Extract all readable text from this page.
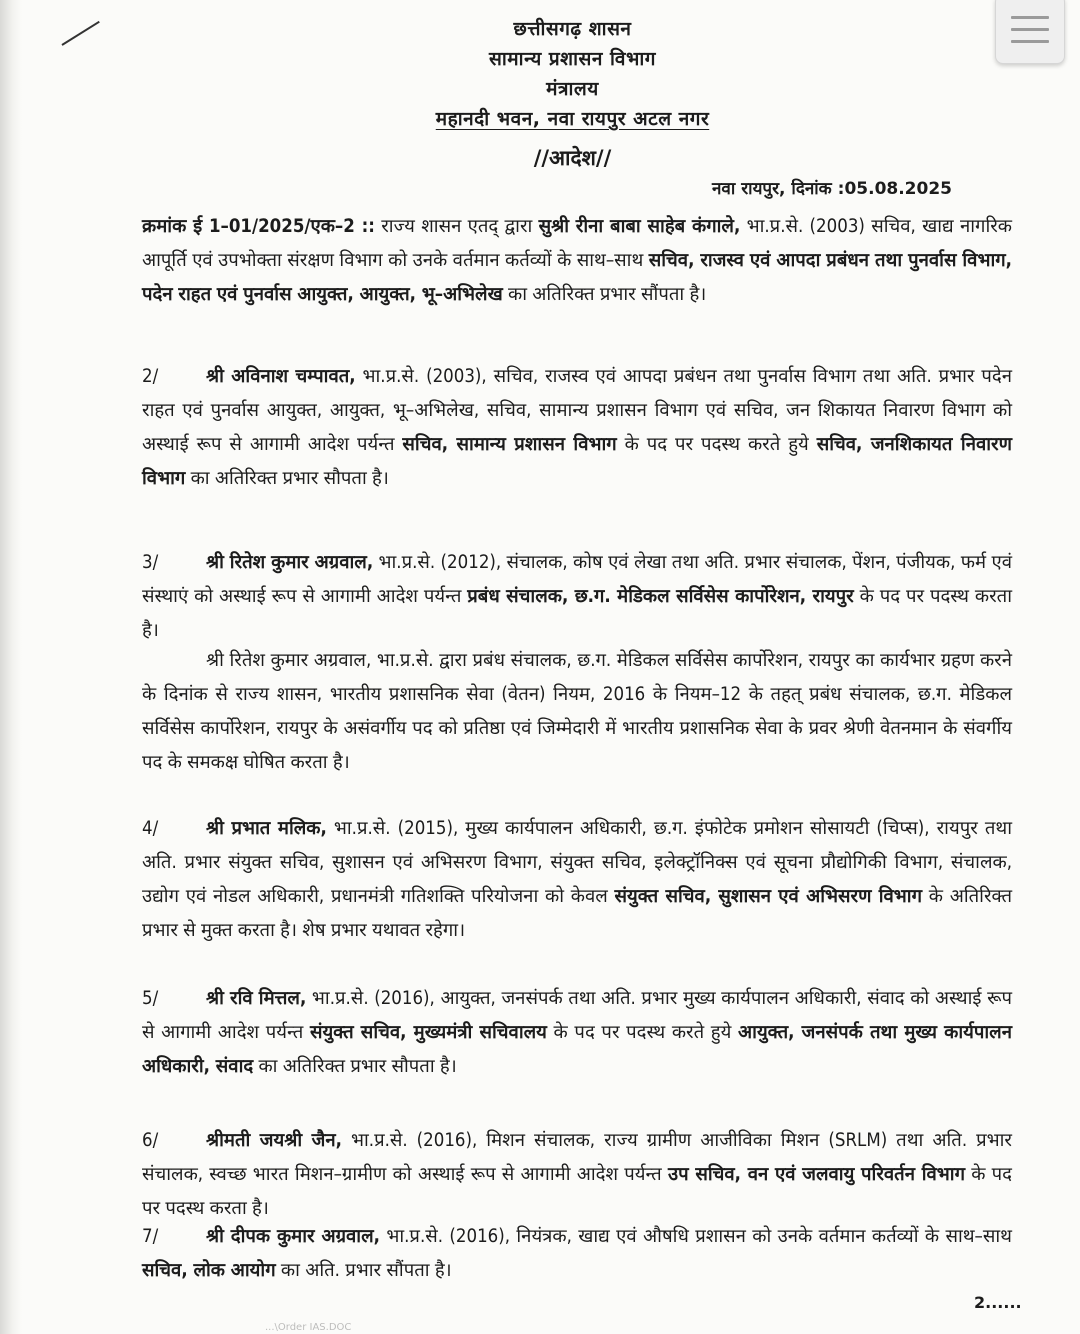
छत्तीसगढ़ शासन
सामान्य प्रशासन विभाग
मंत्रालय
महानदी भवन, नवा रायपुर अटल नगर
//आदेश//
नवा रायपुर, दिनांक :05.08.2025
क्रमांक ई 1–01/2025/एक–2 :: राज्य शासन एतद् द्वारा सुश्री रीना बाबा साहेब कंगाले, भा.प्र.से. (2003) सचिव, खाद्य नागरिक आपूर्ति एवं उपभोक्ता संरक्षण विभाग को उनके वर्तमान कर्तव्यों के साथ–साथ सचिव, राजस्व एवं आपदा प्रबंधन तथा पुनर्वास विभाग, पदेन राहत एवं पुनर्वास आयुक्त, आयुक्त, भू–अभिलेख का अतिरिक्त प्रभार सौंपता है।
2/	श्री अविनाश चम्पावत, भा.प्र.से. (2003), सचिव, राजस्व एवं आपदा प्रबंधन तथा पुनर्वास विभाग तथा अति. प्रभार पदेन राहत एवं पुनर्वास आयुक्त, आयुक्त, भू–अभिलेख, सचिव, सामान्य प्रशासन विभाग एवं सचिव, जन शिकायत निवारण विभाग को अस्थाई रूप से आगामी आदेश पर्यन्त सचिव, सामान्य प्रशासन विभाग के पद पर पदस्थ करते हुये सचिव, जनशिकायत निवारण विभाग का अतिरिक्त प्रभार सौपता है।
3/	श्री रितेश कुमार अग्रवाल, भा.प्र.से. (2012), संचालक, कोष एवं लेखा तथा अति. प्रभार संचालक, पेंशन, पंजीयक, फर्म एवं संस्थाएं को अस्थाई रूप से आगामी आदेश पर्यन्त प्रबंध संचालक, छ.ग. मेडिकल सर्विसेस कार्पोरेशन, रायपुर के पद पर पदस्थ करता है।
श्री रितेश कुमार अग्रवाल, भा.प्र.से. द्वारा प्रबंध संचालक, छ.ग. मेडिकल सर्विसेस कार्पोरेशन, रायपुर का कार्यभार ग्रहण करने के दिनांक से राज्य शासन, भारतीय प्रशासनिक सेवा (वेतन) नियम, 2016 के नियम–12 के तहत् प्रबंध संचालक, छ.ग. मेडिकल सर्विसेस कार्पोरेशन, रायपुर के असंवर्गीय पद को प्रतिष्ठा एवं जिम्मेदारी में भारतीय प्रशासनिक सेवा के प्रवर श्रेणी वेतनमान के संवर्गीय पद के समकक्ष घोषित करता है।
4/	श्री प्रभात मलिक, भा.प्र.से. (2015), मुख्य कार्यपालन अधिकारी, छ.ग. इंफोटेक प्रमोशन सोसायटी (चिप्स), रायपुर तथा अति. प्रभार संयुक्त सचिव, सुशासन एवं अभिसरण विभाग, संयुक्त सचिव, इलेक्ट्रॉनिक्स एवं सूचना प्रौद्योगिकी विभाग, संचालक, उद्योग एवं नोडल अधिकारी, प्रधानमंत्री गतिशक्ति परियोजना को केवल संयुक्त सचिव, सुशासन एवं अभिसरण विभाग के अतिरिक्त प्रभार से मुक्त करता है। शेष प्रभार यथावत रहेगा।
5/	श्री रवि मित्तल, भा.प्र.से. (2016), आयुक्त, जनसंपर्क तथा अति. प्रभार मुख्य कार्यपालन अधिकारी, संवाद को अस्थाई रूप से आगामी आदेश पर्यन्त संयुक्त सचिव, मुख्यमंत्री सचिवालय के पद पर पदस्थ करते हुये आयुक्त, जनसंपर्क तथा मुख्य कार्यपालन अधिकारी, संवाद का अतिरिक्त प्रभार सौपता है।
6/	श्रीमती जयश्री जैन, भा.प्र.से. (2016), मिशन संचालक, राज्य ग्रामीण आजीविका मिशन (SRLM) तथा अति. प्रभार संचालक, स्वच्छ भारत मिशन–ग्रामीण को अस्थाई रूप से आगामी आदेश पर्यन्त उप सचिव, वन एवं जलवायु परिवर्तन विभाग के पद पर पदस्थ करता है।
7/	श्री दीपक कुमार अग्रवाल, भा.प्र.से. (2016), नियंत्रक, खाद्य एवं औषधि प्रशासन को उनके वर्तमान कर्तव्यों के साथ–साथ सचिव, लोक आयोग का अति. प्रभार सौंपता है।
2......
...\Order IAS.DOC
